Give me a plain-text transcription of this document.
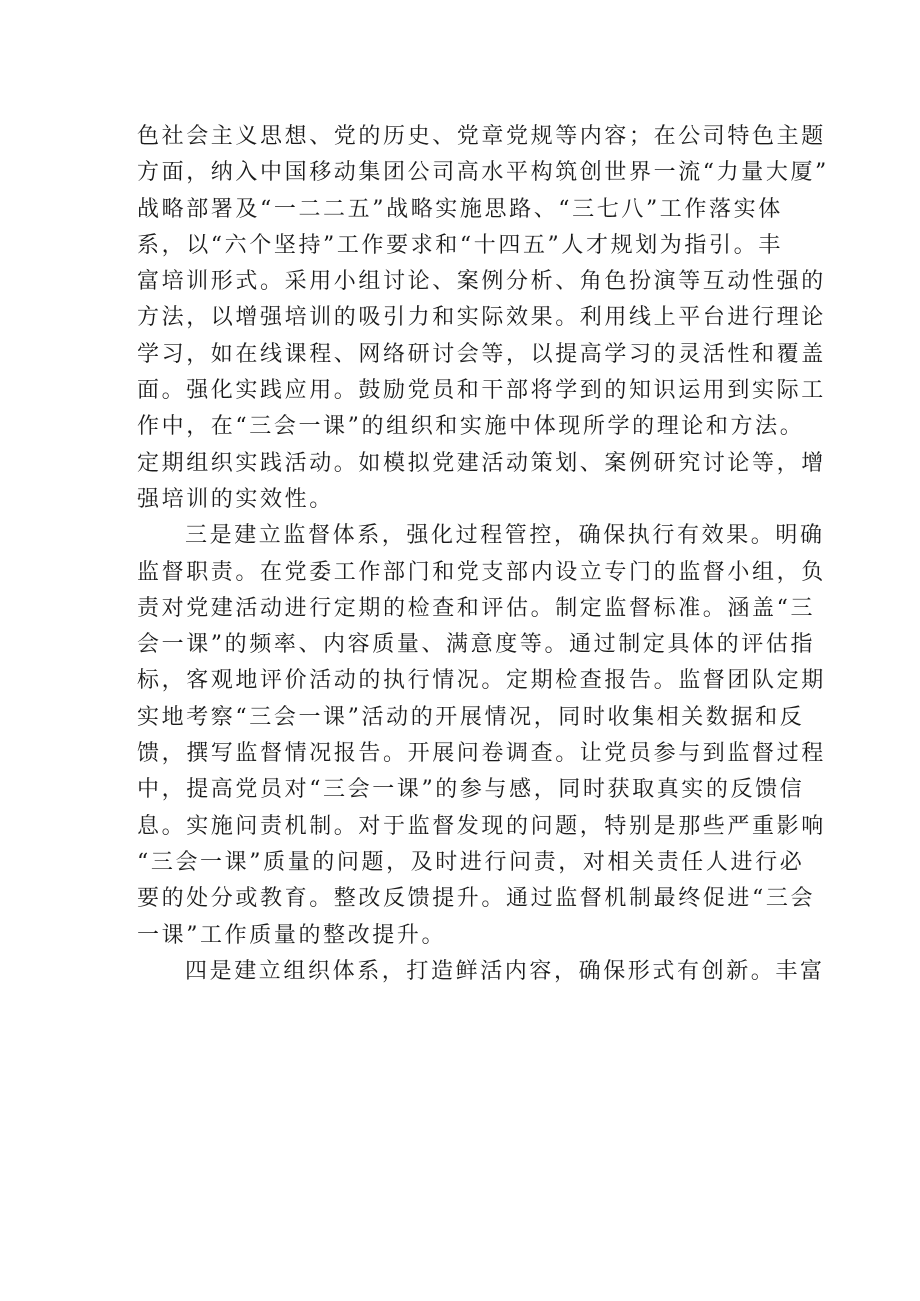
色社会主义思想、党的历史、党章党规等内容；在公司特色主题
方面，纳入中国移动集团公司高水平构筑创世界一流“力量大厦”
战略部署及“一二二五”战略实施思路、“三七八”工作落实体
系，以“六个坚持”工作要求和“十四五”人才规划为指引。丰
富培训形式。采用小组讨论、案例分析、角色扮演等互动性强的
方法，以增强培训的吸引力和实际效果。利用线上平台进行理论
学习，如在线课程、网络研讨会等，以提高学习的灵活性和覆盖
面。强化实践应用。鼓励党员和干部将学到的知识运用到实际工
作中，在“三会一课”的组织和实施中体现所学的理论和方法。
定期组织实践活动。如模拟党建活动策划、案例研究讨论等，增
强培训的实效性。
三是建立监督体系，强化过程管控，确保执行有效果。明确
监督职责。在党委工作部门和党支部内设立专门的监督小组，负
责对党建活动进行定期的检查和评估。制定监督标准。涵盖“三
会一课”的频率、内容质量、满意度等。通过制定具体的评估指
标，客观地评价活动的执行情况。定期检查报告。监督团队定期
实地考察“三会一课”活动的开展情况，同时收集相关数据和反
馈，撰写监督情况报告。开展问卷调查。让党员参与到监督过程
中，提高党员对“三会一课”的参与感，同时获取真实的反馈信
息。实施问责机制。对于监督发现的问题，特别是那些严重影响
“三会一课”质量的问题，及时进行问责，对相关责任人进行必
要的处分或教育。整改反馈提升。通过监督机制最终促进“三会
一课”工作质量的整改提升。
四是建立组织体系，打造鲜活内容，确保形式有创新。丰富
